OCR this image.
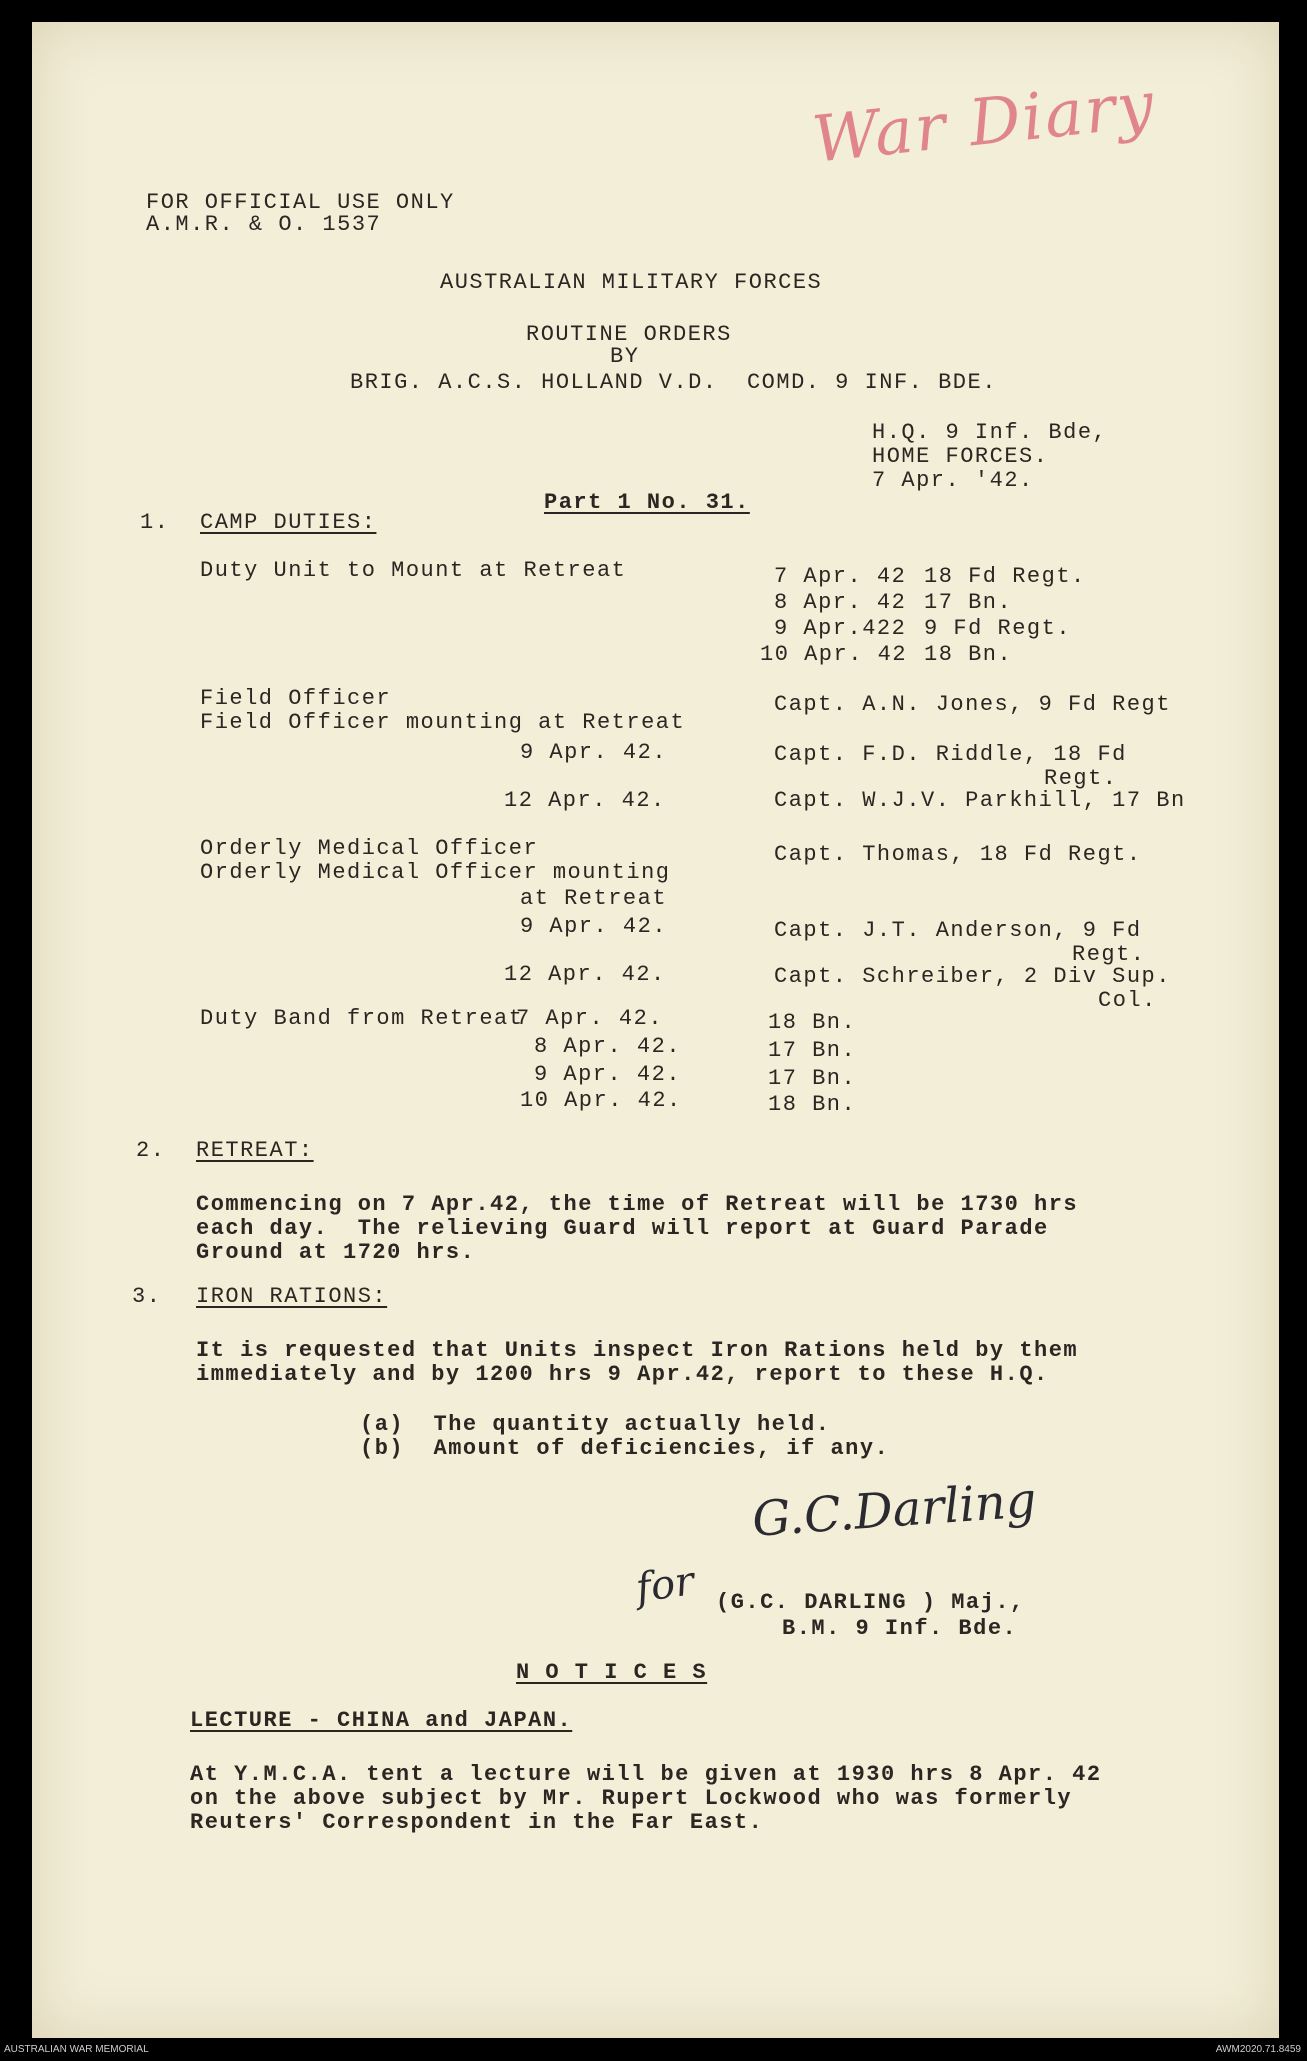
War Diary
FOR OFFICIAL USE ONLY
A.M.R. & O. 1537
AUSTRALIAN MILITARY FORCES
ROUTINE ORDERS
BY
BRIG. A.C.S. HOLLAND V.D.  COMD. 9 INF. BDE.
H.Q. 9 Inf. Bde,
HOME FORCES.
7 Apr. '42.
Part 1 No. 31.
1. CAMP DUTIES:
Duty Unit to Mount at Retreat	7 Apr. 42 18 Fd Regt.
8 Apr. 42 17 Bn.
9 Apr.422 9 Fd Regt.
10 Apr. 42 18 Bn.
Field Officer
Field Officer mounting at Retreat
Capt. A.N. Jones, 9 Fd Regt
9 Apr. 42.	Capt. F.D. Riddle, 18 Fd
Regt.
12 Apr. 42.	Capt. W.J.V. Parkhill, 17 Bn
Orderly Medical Officer
Orderly Medical Officer mounting
at Retreat
Capt. Thomas, 18 Fd Regt.
9 Apr. 42.	Capt. J.T. Anderson, 9 Fd
Regt.
12 Apr. 42.	Capt. Schreiber, 2 Div Sup.
Col.
Duty Band from Retreat
7 Apr. 42.	18 Bn.
8 Apr. 42.	17 Bn.
9 Apr. 42.	17 Bn.
10 Apr. 42.	18 Bn.
2. RETREAT:
Commencing on 7 Apr.42, the time of Retreat will be 1730 hrs
each day.  The relieving Guard will report at Guard Parade
Ground at 1720 hrs.
3. IRON RATIONS:
It is requested that Units inspect Iron Rations held by them
immediately and by 1200 hrs 9 Apr.42, report to these H.Q.
(a)  The quantity actually held.
(b)  Amount of deficiencies, if any.
G.C.Darling
for (G.C. DARLING ) Maj.,
B.M. 9 Inf. Bde.
N O T I C E S
LECTURE - CHINA and JAPAN.
At Y.M.C.A. tent a lecture will be given at 1930 hrs 8 Apr. 42
on the above subject by Mr. Rupert Lockwood who was formerly
Reuters' Correspondent in the Far East.
AUSTRALIAN WAR MEMORIAL	AWM2020.71.8459
